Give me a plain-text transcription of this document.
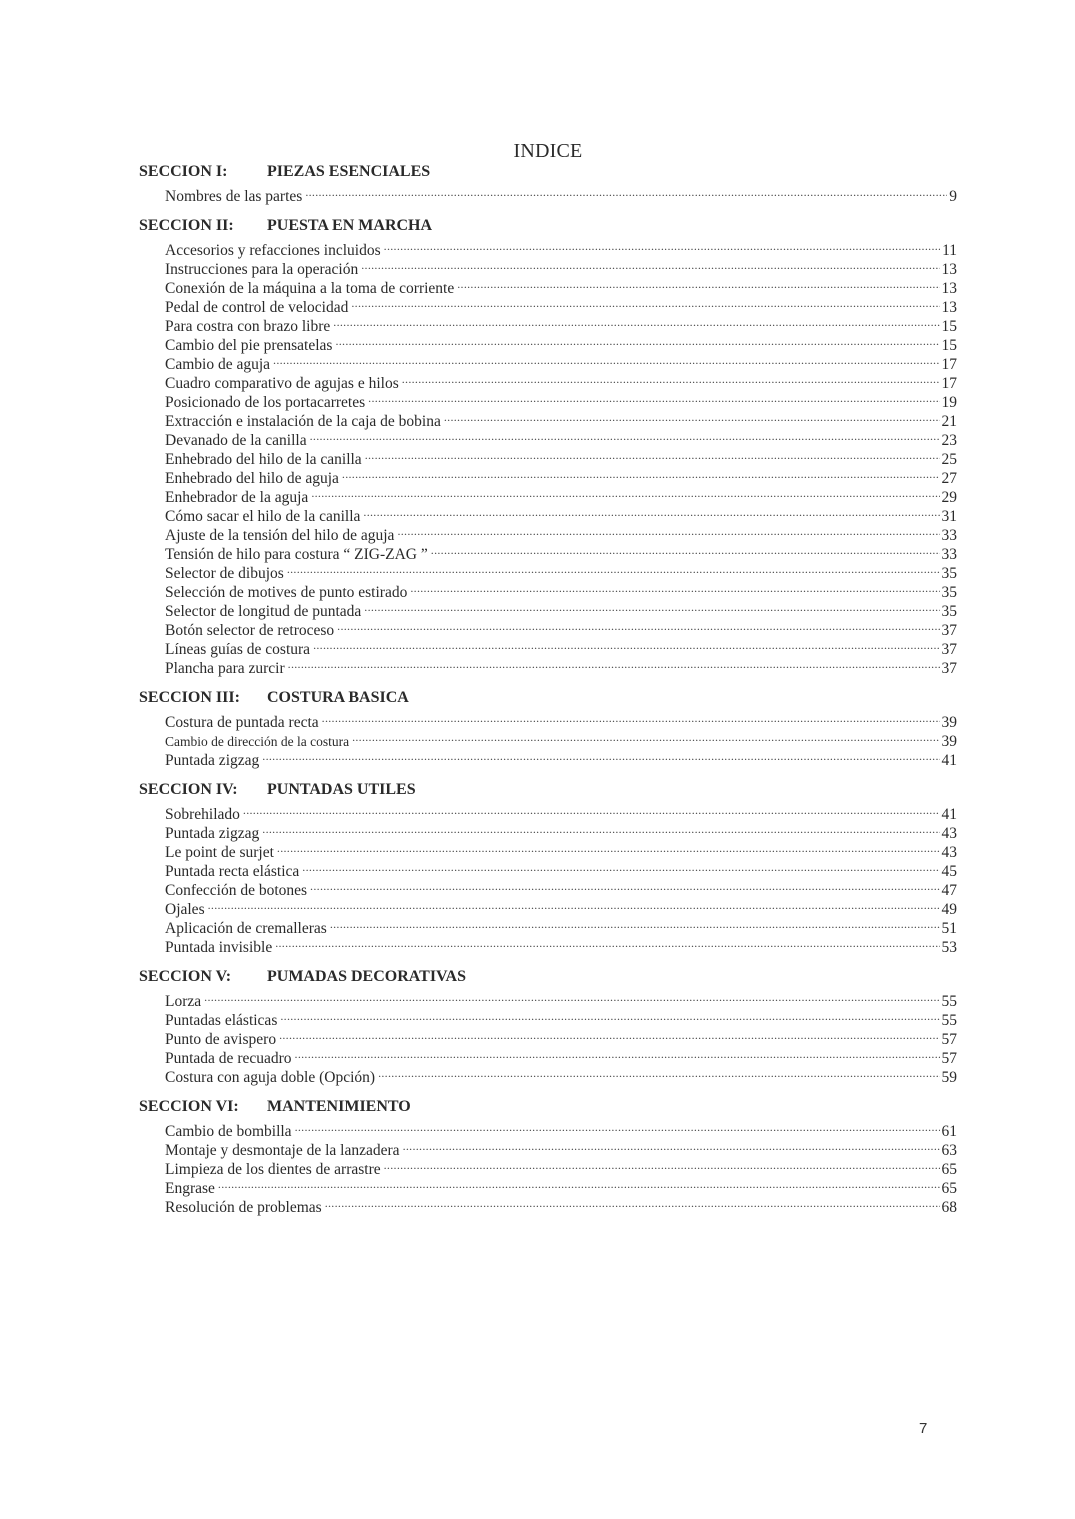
INDICE
SECCION I: PIEZAS ESENCIALES
Nombres de las partes .....	9
SECCION II: PUESTA EN MARCHA
Accesorios y refacciones incluidos .....	11
Instrucciones para la operación .....	13
Conexión de la máquina a la toma de corriente .....	13
Pedal de control de velocidad .....	13
Para costra con brazo libre .....	15
Cambio del pie prensatelas .....	15
Cambio de aguja .....	17
Cuadro comparativo de agujas e hilos .....	17
Posicionado de los portacarretes .....	19
Extracción e instalación de la caja de bobina .....	21
Devanado de la canilla .....	23
Enhebrado del hilo de la canilla .....	25
Enhebrado del hilo de aguja .....	27
Enhebrador de la aguja .....	29
Cómo sacar el hilo de la canilla .....	31
Ajuste de la tensión del hilo de aguja .....	33
Tensión de hilo para costura “ ZIG-ZAG ” .....	33
Selector de dibujos .....	35
Selección de motives de punto estirado .....	35
Selector de longitud de puntada .....	35
Botón selector de retroceso .....	37
Líneas guías de costura .....	37
Plancha para zurcir .....	37
SECCION III: COSTURA BASICA
Costura de puntada recta .....	39
Cambio de dirección de la costura .....	39
Puntada zigzag .....	41
SECCION IV: PUNTADAS UTILES
Sobrehilado .....	41
Puntada zigzag .....	43
Le point de surjet .....	43
Puntada recta elástica .....	45
Confección de botones .....	47
Ojales .....	49
Aplicación de cremalleras .....	51
Puntada invisible .....	53
SECCION V: PUMADAS DECORATIVAS
Lorza .....	55
Puntadas elásticas .....	55
Punto de avispero .....	57
Puntada de recuadro .....	57
Costura con aguja doble (Opción) .....	59
SECCION VI: MANTENIMIENTO
Cambio de bombilla .....	61
Montaje y desmontaje de la lanzadera .....	63
Limpieza de los dientes de arrastre .....	65
Engrase .....	65
Resolución de problemas .....	68
7
